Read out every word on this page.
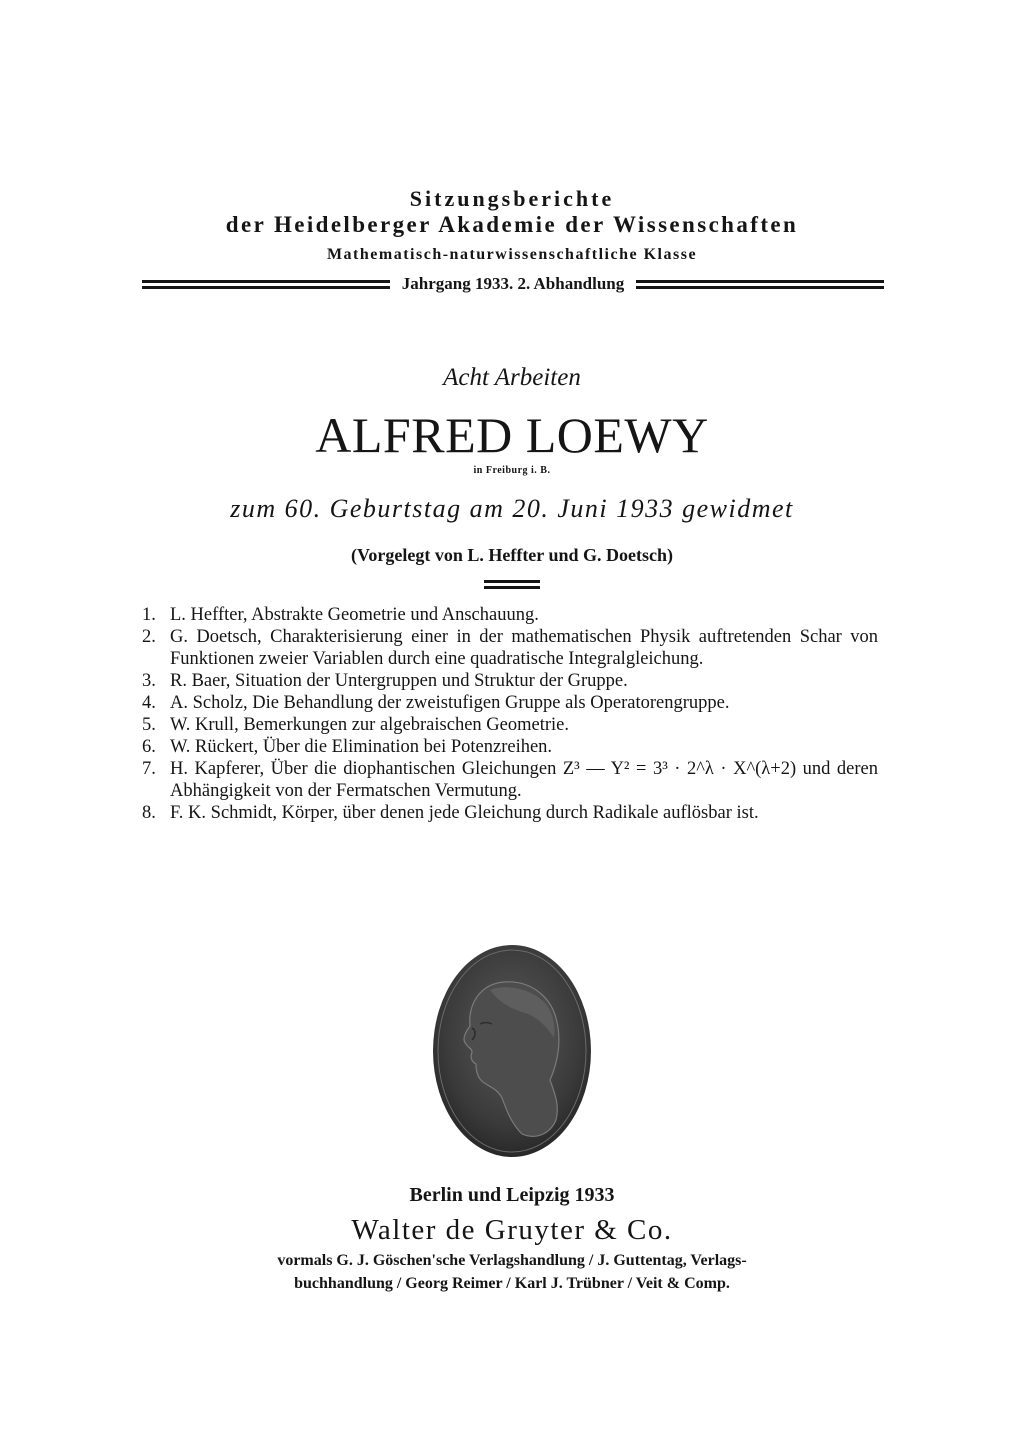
Sitzungsberichte
der Heidelberger Akademie der Wissenschaften
Mathematisch-naturwissenschaftliche Klasse
Jahrgang 1933. 2. Abhandlung
Acht Arbeiten
ALFRED LOEWY
in Freiburg i. B.
zum 60. Geburtstag am 20. Juni 1933 gewidmet
(Vorgelegt von L. Heffter und G. Doetsch)
1. L. Heffter, Abstrakte Geometrie und Anschauung.
2. G. Doetsch, Charakterisierung einer in der mathematischen Physik auftretenden Schar von Funktionen zweier Variablen durch eine quadratische Integralgleichung.
3. R. Baer, Situation der Untergruppen und Struktur der Gruppe.
4. A. Scholz, Die Behandlung der zweistufigen Gruppe als Operatorengruppe.
5. W. Krull, Bemerkungen zur algebraischen Geometrie.
6. W. Rückert, Über die Elimination bei Potenzreihen.
7. H. Kapferer, Über die diophantischen Gleichungen Z³ — Y² = 3³ · 2^λ · X^(λ+2) und deren Abhängigkeit von der Fermatschen Vermutung.
8. F. K. Schmidt, Körper, über denen jede Gleichung durch Radikale auflösbar ist.
Berlin und Leipzig 1933
Walter de Gruyter & Co.
vormals G. J. Göschen'sche Verlagshandlung / J. Guttentag, Verlags-
buchhandlung / Georg Reimer / Karl J. Trübner / Veit & Comp.
